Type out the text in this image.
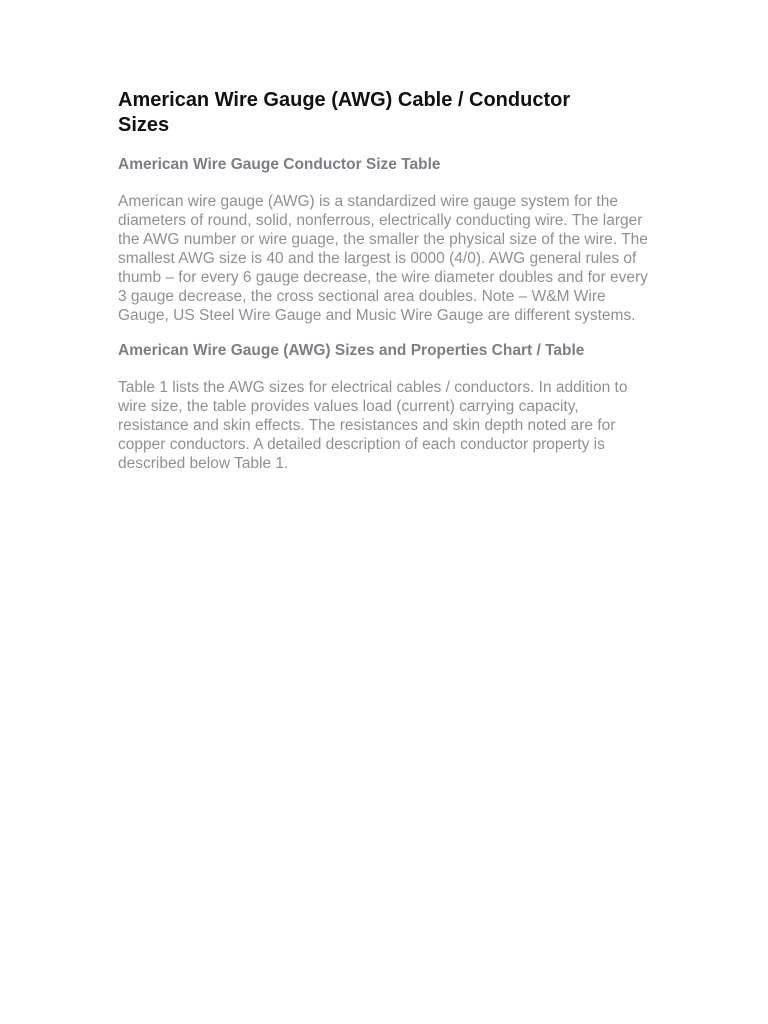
American Wire Gauge (AWG) Cable / Conductor Sizes
American Wire Gauge Conductor Size Table

American wire gauge (AWG) is a standardized wire gauge system for the diameters of round, solid, nonferrous, electrically conducting wire. The larger the AWG number or wire guage, the smaller the physical size of the wire. The smallest AWG size is 40 and the largest is 0000 (4/0). AWG general rules of thumb – for every 6 gauge decrease, the wire diameter doubles and for every 3 gauge decrease, the cross sectional area doubles. Note – W&M Wire Gauge, US Steel Wire Gauge and Music Wire Gauge are different systems.

American Wire Gauge (AWG) Sizes and Properties Chart / Table

Table 1 lists the AWG sizes for electrical cables / conductors. In addition to wire size, the table provides values load (current) carrying capacity, resistance and skin effects. The resistances and skin depth noted are for copper conductors. A detailed description of each conductor property is described below Table 1.
